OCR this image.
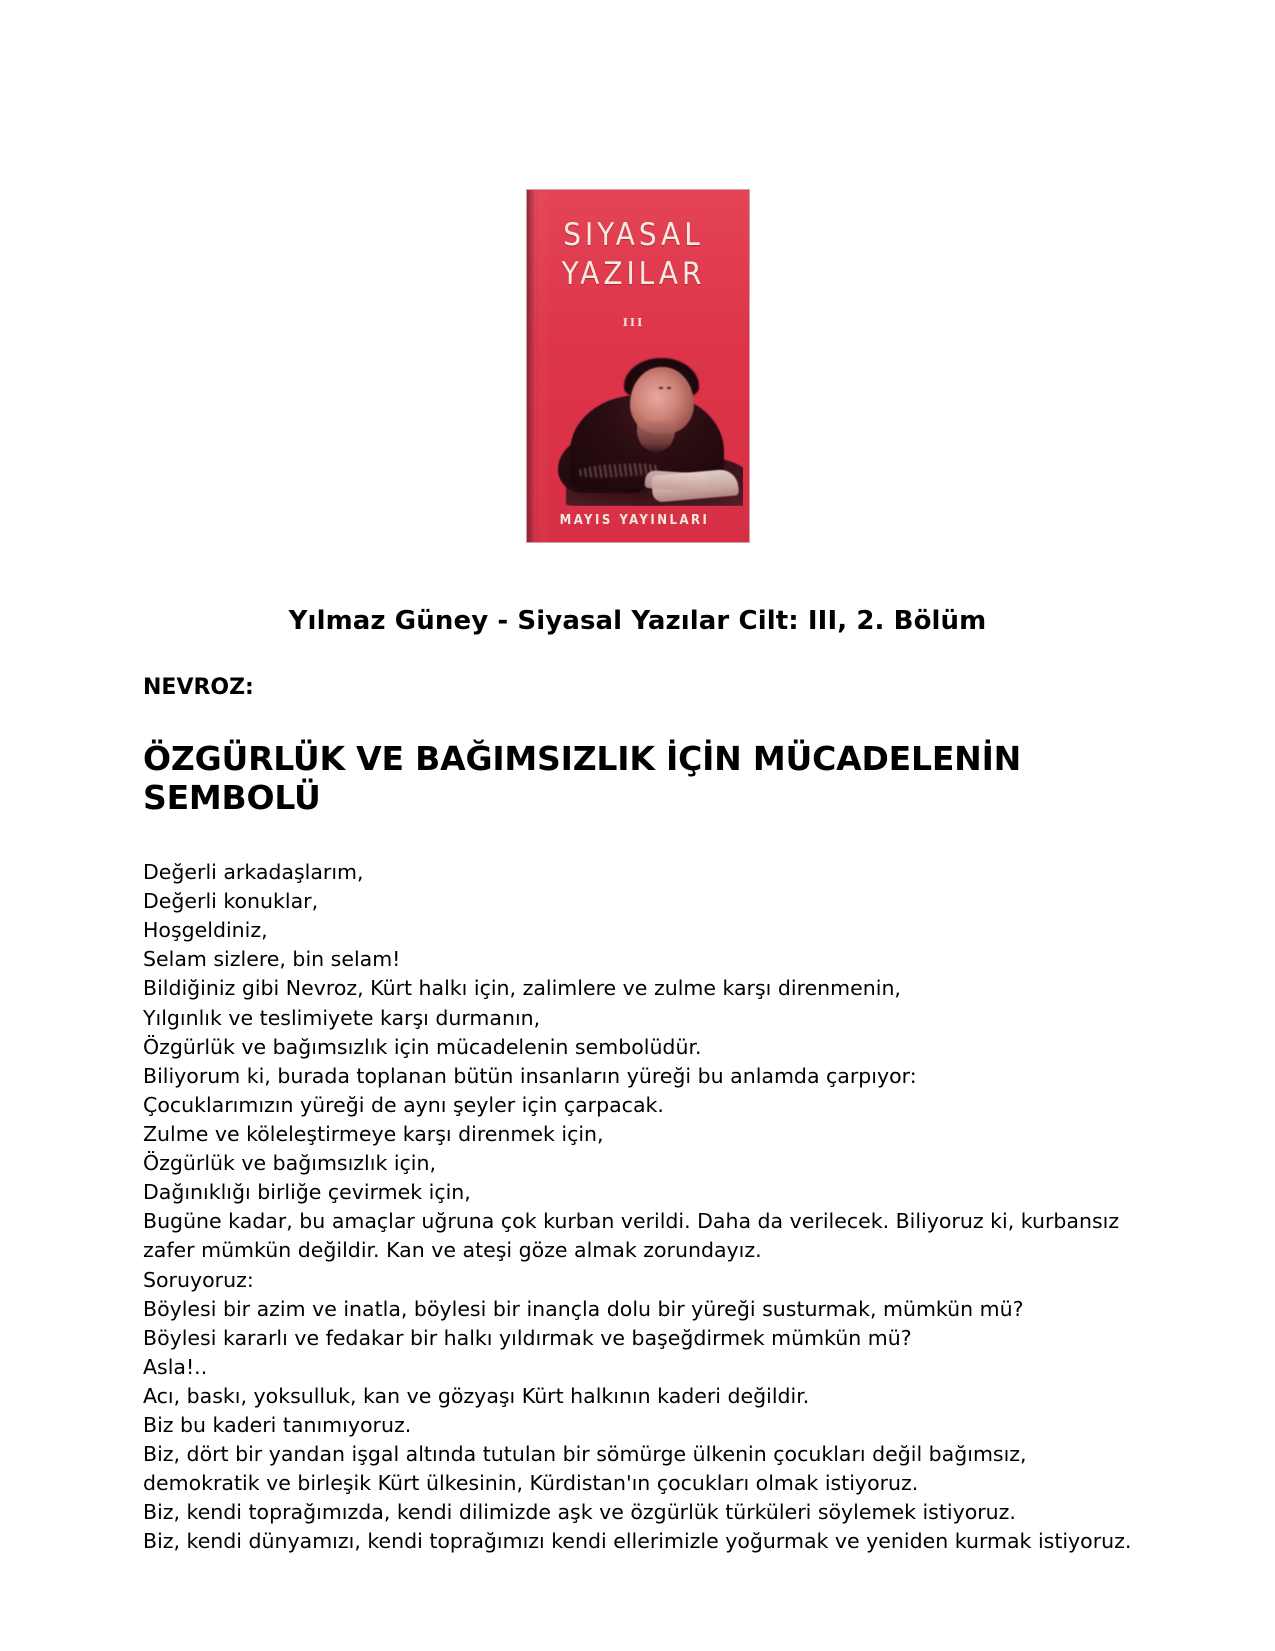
SIYASAL
YAZILAR
III
MAYIS YAYINLARI
Yılmaz Güney - Siyasal Yazılar Cilt: III, 2. Bölüm
NEVROZ:
ÖZGÜRLÜK VE BAĞIMSIZLIK İÇİN MÜCADELENİN SEMBOLÜ

Değerli arkadaşlarım,

Değerli konuklar,

Hoşgeldiniz,

Selam sizlere, bin selam!

Bildiğiniz gibi Nevroz, Kürt halkı için, zalimlere ve zulme karşı direnmenin,

Yılgınlık ve teslimiyete karşı durmanın,

Özgürlük ve bağımsızlık için mücadelenin sembolüdür.

Biliyorum ki, burada toplanan bütün insanların yüreği bu anlamda çarpıyor:

Çocuklarımızın yüreği de aynı şeyler için çarpacak.

Zulme ve köleleştirmeye karşı direnmek için,

Özgürlük ve bağımsızlık için,

Dağınıklığı birliğe çevirmek için,

Bugüne kadar, bu amaçlar uğruna çok kurban verildi. Daha da verilecek. Biliyoruz ki, kurbansız zafer mümkün değildir. Kan ve ateşi göze almak zorundayız.

Soruyoruz:

Böylesi bir azim ve inatla, böylesi bir inançla dolu bir yüreği susturmak, mümkün mü?

Böylesi kararlı ve fedakar bir halkı yıldırmak ve başeğdirmek mümkün mü?

Asla!..

Acı, baskı, yoksulluk, kan ve gözyaşı Kürt halkının kaderi değildir.

Biz bu kaderi tanımıyoruz.

Biz, dört bir yandan işgal altında tutulan bir sömürge ülkenin çocukları değil bağımsız, demokratik ve birleşik Kürt ülkesinin, Kürdistan'ın çocukları olmak istiyoruz.

Biz, kendi toprağımızda, kendi dilimizde aşk ve özgürlük türküleri söylemek istiyoruz.

Biz, kendi dünyamızı, kendi toprağımızı kendi ellerimizle yoğurmak ve yeniden kurmak istiyoruz.
